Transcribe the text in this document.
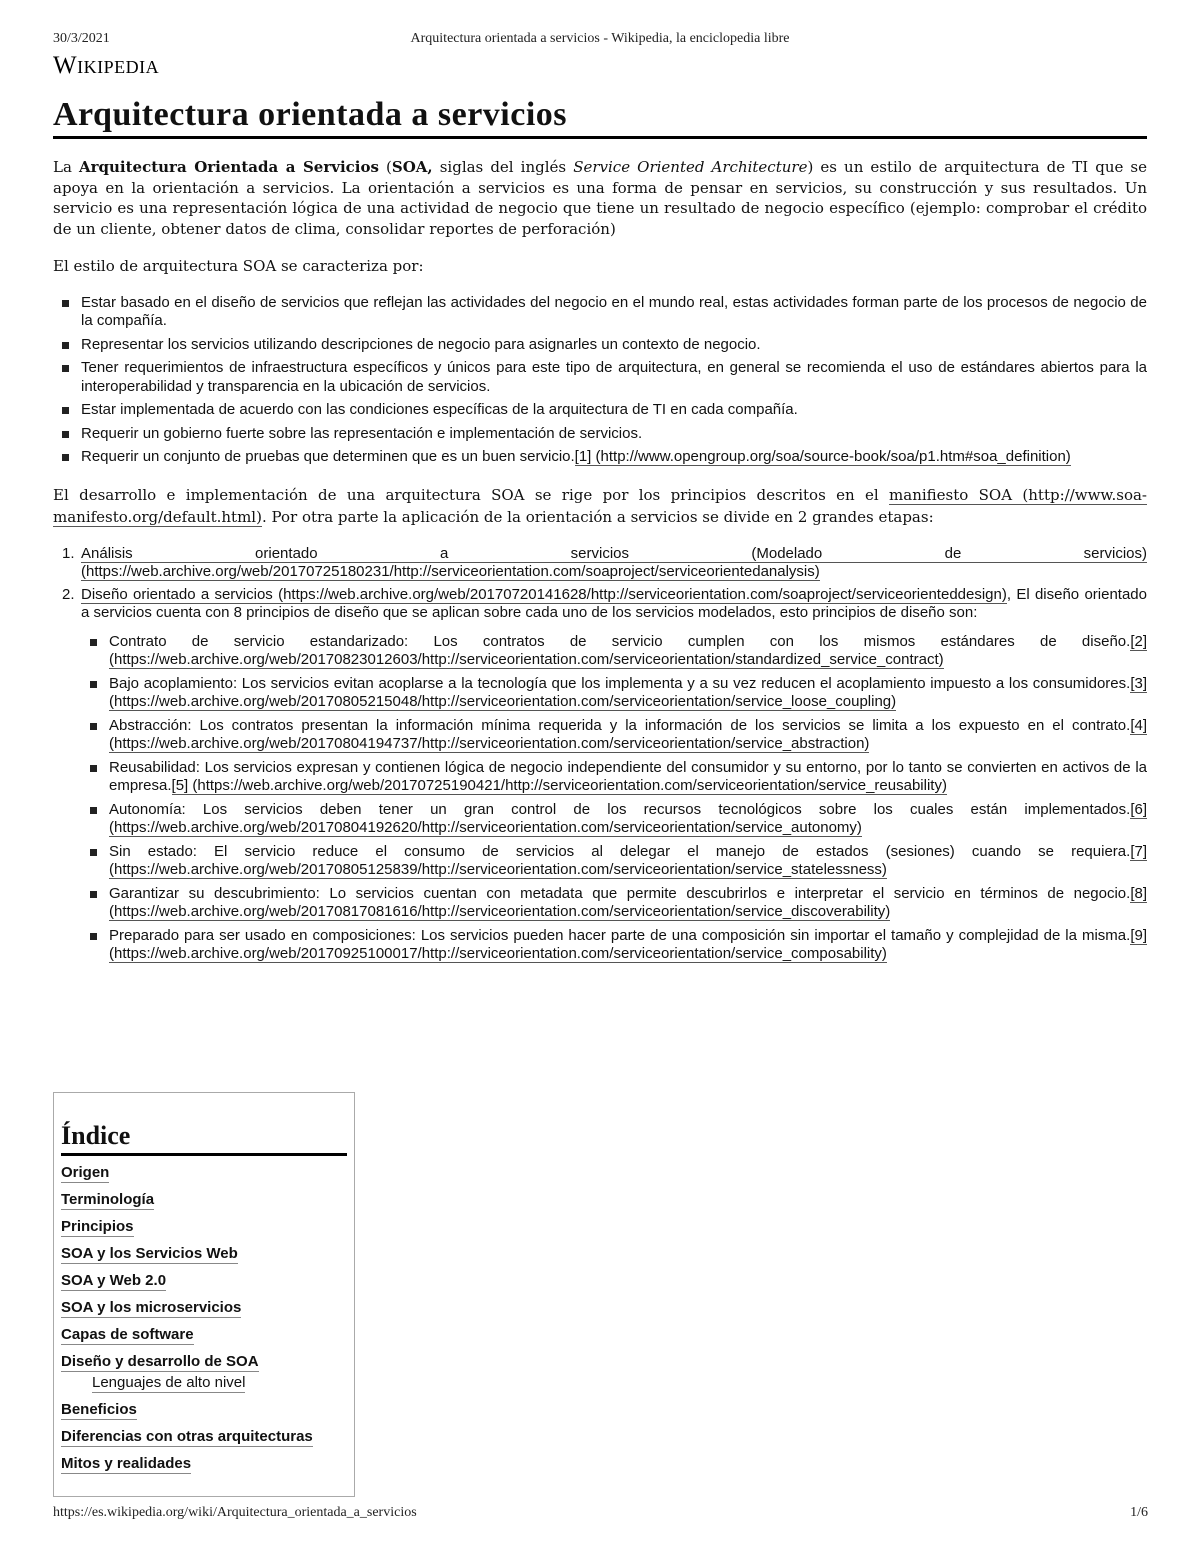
30/3/2021	Arquitectura orientada a servicios - Wikipedia, la enciclopedia libre
Wikipedia
Arquitectura orientada a servicios

La Arquitectura Orientada a Servicios (SOA, siglas del inglés Service Oriented Architecture) es un estilo de arquitectura de TI que se apoya en la orientación a servicios. La orientación a servicios es una forma de pensar en servicios, su construcción y sus resultados. Un servicio es una representación lógica de una actividad de negocio que tiene un resultado de negocio específico (ejemplo: comprobar el crédito de un cliente, obtener datos de clima, consolidar reportes de perforación)

El estilo de arquitectura SOA se caracteriza por:

Estar basado en el diseño de servicios que reflejan las actividades del negocio en el mundo real, estas actividades forman parte de los procesos de negocio de la compañía.
Representar los servicios utilizando descripciones de negocio para asignarles un contexto de negocio.
Tener requerimientos de infraestructura específicos y únicos para este tipo de arquitectura, en general se recomienda el uso de estándares abiertos para la interoperabilidad y transparencia en la ubicación de servicios.
Estar implementada de acuerdo con las condiciones específicas de la arquitectura de TI en cada compañía.
Requerir un gobierno fuerte sobre las representación e implementación de servicios.
Requerir un conjunto de pruebas que determinen que es un buen servicio.[1] (http://www.opengroup.org/soa/source-book/soa/p1.htm#soa_definition)

El desarrollo e implementación de una arquitectura SOA se rige por los principios descritos en el manifiesto SOA (http://www.soa-manifesto.org/default.html). Por otra parte la aplicación de la orientación a servicios se divide en 2 grandes etapas:

1. Análisis orientado a servicios (Modelado de servicios) (https://web.archive.org/web/20170725180231/http://serviceorientation.com/soaproject/serviceorientedanalysis)
2. Diseño orientado a servicios (https://web.archive.org/web/20170720141628/http://serviceorientation.com/soaproject/serviceorienteddesign), El diseño orientado a servicios cuenta con 8 principios de diseño que se aplican sobre cada uno de los servicios modelados, esto principios de diseño son:
Contrato de servicio estandarizado: Los contratos de servicio cumplen con los mismos estándares de diseño.[2] (https://web.archive.org/web/20170823012603/http://serviceorientation.com/serviceorientation/standardized_service_contract)
Bajo acoplamiento: Los servicios evitan acoplarse a la tecnología que los implementa y a su vez reducen el acoplamiento impuesto a los consumidores.[3] (https://web.archive.org/web/20170805215048/http://serviceorientation.com/serviceorientation/service_loose_coupling)
Abstracción: Los contratos presentan la información mínima requerida y la información de los servicios se limita a los expuesto en el contrato.[4] (https://web.archive.org/web/20170804194737/http://serviceorientation.com/serviceorientation/service_abstraction)
Reusabilidad: Los servicios expresan y contienen lógica de negocio independiente del consumidor y su entorno, por lo tanto se convierten en activos de la empresa.[5] (https://web.archive.org/web/20170725190421/http://serviceorientation.com/serviceorientation/service_reusability)
Autonomía: Los servicios deben tener un gran control de los recursos tecnológicos sobre los cuales están implementados.[6] (https://web.archive.org/web/20170804192620/http://serviceorientation.com/serviceorientation/service_autonomy)
Sin estado: El servicio reduce el consumo de servicios al delegar el manejo de estados (sesiones) cuando se requiera.[7] (https://web.archive.org/web/20170805125839/http://serviceorientation.com/serviceorientation/service_statelessness)
Garantizar su descubrimiento: Lo servicios cuentan con metadata que permite descubrirlos e interpretar el servicio en términos de negocio.[8] (https://web.archive.org/web/20170817081616/http://serviceorientation.com/serviceorientation/service_discoverability)
Preparado para ser usado en composiciones: Los servicios pueden hacer parte de una composición sin importar el tamaño y complejidad de la misma.[9] (https://web.archive.org/web/20170925100017/http://serviceorientation.com/serviceorientation/service_composability)
Índice
Origen
Terminología
Principios
SOA y los Servicios Web
SOA y Web 2.0
SOA y los microservicios
Capas de software
Diseño y desarrollo de SOA
Lenguajes de alto nivel
Beneficios
Diferencias con otras arquitecturas
Mitos y realidades
https://es.wikipedia.org/wiki/Arquitectura_orientada_a_servicios	1/6
